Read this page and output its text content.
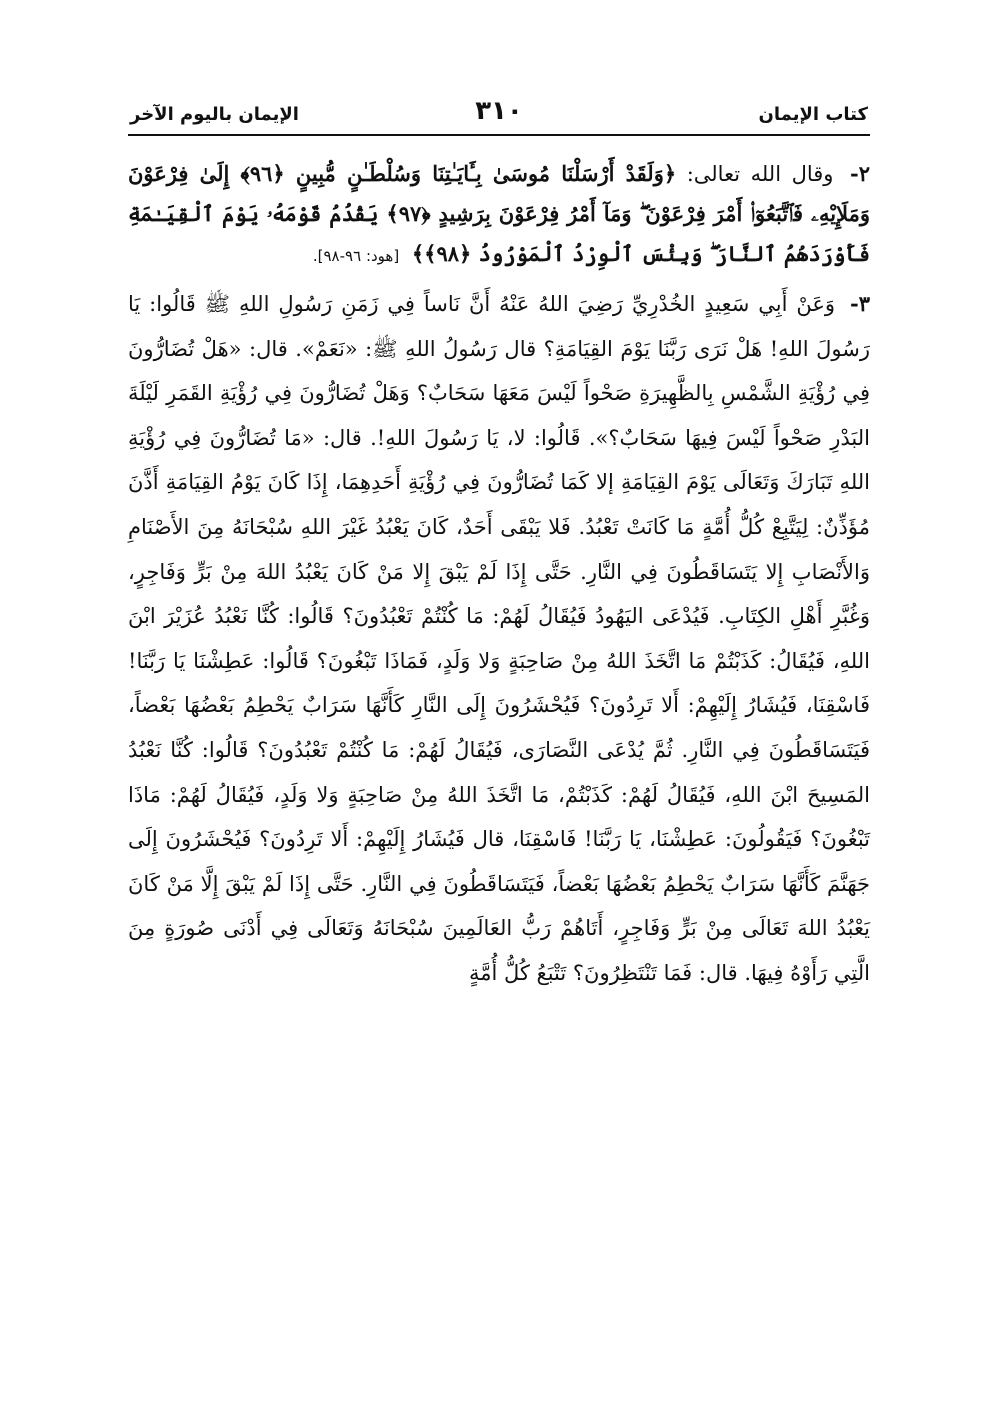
كتاب الإيمان
٣١٠
الإيمان باليوم الآخر

٢- وقال الله تعالى: ﴿وَلَقَدْ أَرْسَلْنَا مُوسَىٰ بِـَٔايَـٰتِنَا وَسُلْطَـٰنٍ مُّبِينٍ ﴿٩٦﴾ إِلَىٰ فِرْعَوْنَ وَمَلَإِيْهِۦ فَٱتَّبَعُوٓا۟ أَمْرَ فِرْعَوْنَ ۖ وَمَآ أَمْرُ فِرْعَوْنَ بِرَشِيدٍ ﴿٩٧﴾ يَقْدُمُ قَوْمَهُۥ يَوْمَ ٱلْقِيَـٰمَةِ فَأَوْرَدَهُمُ ٱلنَّارَ ۖ وَبِئْسَ ٱلْوِرْدُ ٱلْمَوْرُودُ ﴿٩٨﴾﴾ [هود: ٩٦-٩٨].

٣- وَعَنْ أَبِي سَعِيدٍ الخُدْرِيِّ رَضِيَ اللهُ عَنْهُ أَنَّ نَاساً فِي زَمَنِ رَسُولِ اللهِ ﷺ قَالُوا: يَا رَسُولَ اللهِ! هَلْ نَرَى رَبَّنَا يَوْمَ القِيَامَةِ؟ قال رَسُولُ اللهِ ﷺ: «نَعَمْ». قال: «هَلْ تُضَارُّونَ فِي رُؤْيَةِ الشَّمْسِ بِالظَّهِيرَةِ صَحْواً لَيْسَ مَعَهَا سَحَابٌ؟ وَهَلْ تُضَارُّونَ فِي رُؤْيَةِ القَمَرِ لَيْلَةَ البَدْرِ صَحْواً لَيْسَ فِيهَا سَحَابٌ؟». قَالُوا: لا، يَا رَسُولَ اللهِ!. قال: «مَا تُضَارُّونَ فِي رُؤْيَةِ اللهِ تَبَارَكَ وَتَعَالَى يَوْمَ القِيَامَةِ إلا كَمَا تُضَارُّونَ فِي رُؤْيَةِ أَحَدِهِمَا، إِذَا كَانَ يَوْمُ القِيَامَةِ أَذَّنَ مُؤَذِّنٌ: لِيَتَّبِعْ كُلُّ أُمَّةٍ مَا كَانَتْ تَعْبُدُ. فَلا يَبْقَى أَحَدٌ، كَانَ يَعْبُدُ غَيْرَ اللهِ سُبْحَانَهُ مِنَ الأَصْنَامِ وَالأَنْصَابِ إِلا يَتَسَاقَطُونَ فِي النَّارِ. حَتَّى إِذَا لَمْ يَبْقَ إِلا مَنْ كَانَ يَعْبُدُ اللهَ مِنْ بَرٍّ وَفَاجِرٍ، وَغُبَّرِ أَهْلِ الكِتَابِ. فَيُدْعَى اليَهُودُ فَيُقَالُ لَهُمْ: مَا كُنْتُمْ تَعْبُدُونَ؟ قَالُوا: كُنَّا نَعْبُدُ عُزَيْرَ ابْنَ اللهِ، فَيُقَالُ: كَذَبْتُمْ مَا اتَّخَذَ اللهُ مِنْ صَاحِبَةٍ وَلا وَلَدٍ، فَمَاذَا تَبْغُونَ؟ قَالُوا: عَطِشْنَا يَا رَبَّنَا! فَاسْقِنَا، فَيُشَارُ إِلَيْهِمْ: أَلا تَرِدُونَ؟ فَيُحْشَرُونَ إِلَى النَّارِ كَأَنَّهَا سَرَابٌ يَحْطِمُ بَعْضُهَا بَعْضاً، فَيَتَسَاقَطُونَ فِي النَّارِ. ثُمَّ يُدْعَى النَّصَارَى، فَيُقَالُ لَهُمْ: مَا كُنْتُمْ تَعْبُدُونَ؟ قَالُوا: كُنَّا نَعْبُدُ المَسِيحَ ابْنَ اللهِ، فَيُقَالُ لَهُمْ: كَذَبْتُمْ، مَا اتَّخَذَ اللهُ مِنْ صَاحِبَةٍ وَلا وَلَدٍ، فَيُقَالُ لَهُمْ: مَاذَا تَبْغُونَ؟ فَيَقُولُونَ: عَطِشْنَا، يَا رَبَّنَا! فَاسْقِنَا، قال فَيُشَارُ إِلَيْهِمْ: أَلا تَرِدُونَ؟ فَيُحْشَرُونَ إِلَى جَهَنَّمَ كَأَنَّهَا سَرَابٌ يَحْطِمُ بَعْضُهَا بَعْضاً، فَيَتَسَاقَطُونَ فِي النَّارِ. حَتَّى إِذَا لَمْ يَبْقَ إِلَّا مَنْ كَانَ يَعْبُدُ اللهَ تَعَالَى مِنْ بَرٍّ وَفَاجِرٍ، أَتَاهُمْ رَبُّ العَالَمِينَ سُبْحَانَهُ وَتَعَالَى فِي أَدْنَى صُورَةٍ مِنَ الَّتِي رَأَوْهُ فِيهَا. قال: فَمَا تَنْتَظِرُونَ؟ تَتْبَعُ كُلُّ أُمَّةٍ
